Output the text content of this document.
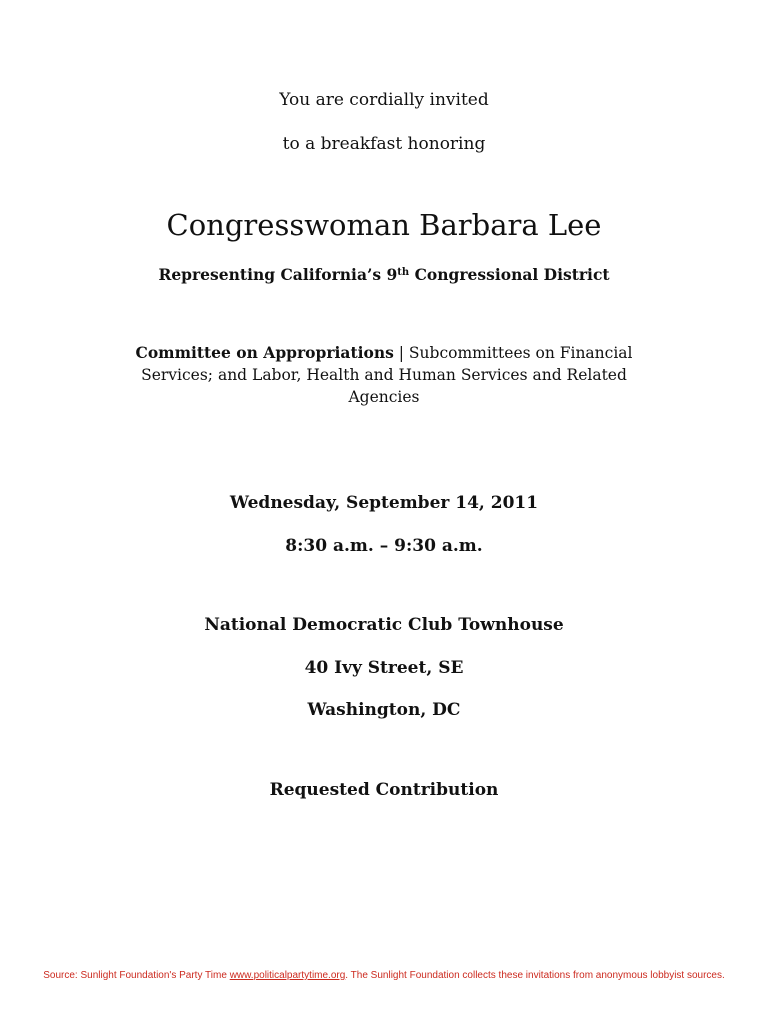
You are cordially invited
to a breakfast honoring
Congresswoman Barbara Lee
Representing California’s 9th Congressional District
Committee on Appropriations | Subcommittees on Financial Services; and Labor, Health and Human Services and Related Agencies
Wednesday, September 14, 2011
8:30 a.m. – 9:30 a.m.
National Democratic Club Townhouse
40 Ivy Street, SE
Washington, DC
Requested Contribution
Source: Sunlight Foundation's Party Time www.politicalpartytime.org. The Sunlight Foundation collects these invitations from anonymous lobbyist sources.
